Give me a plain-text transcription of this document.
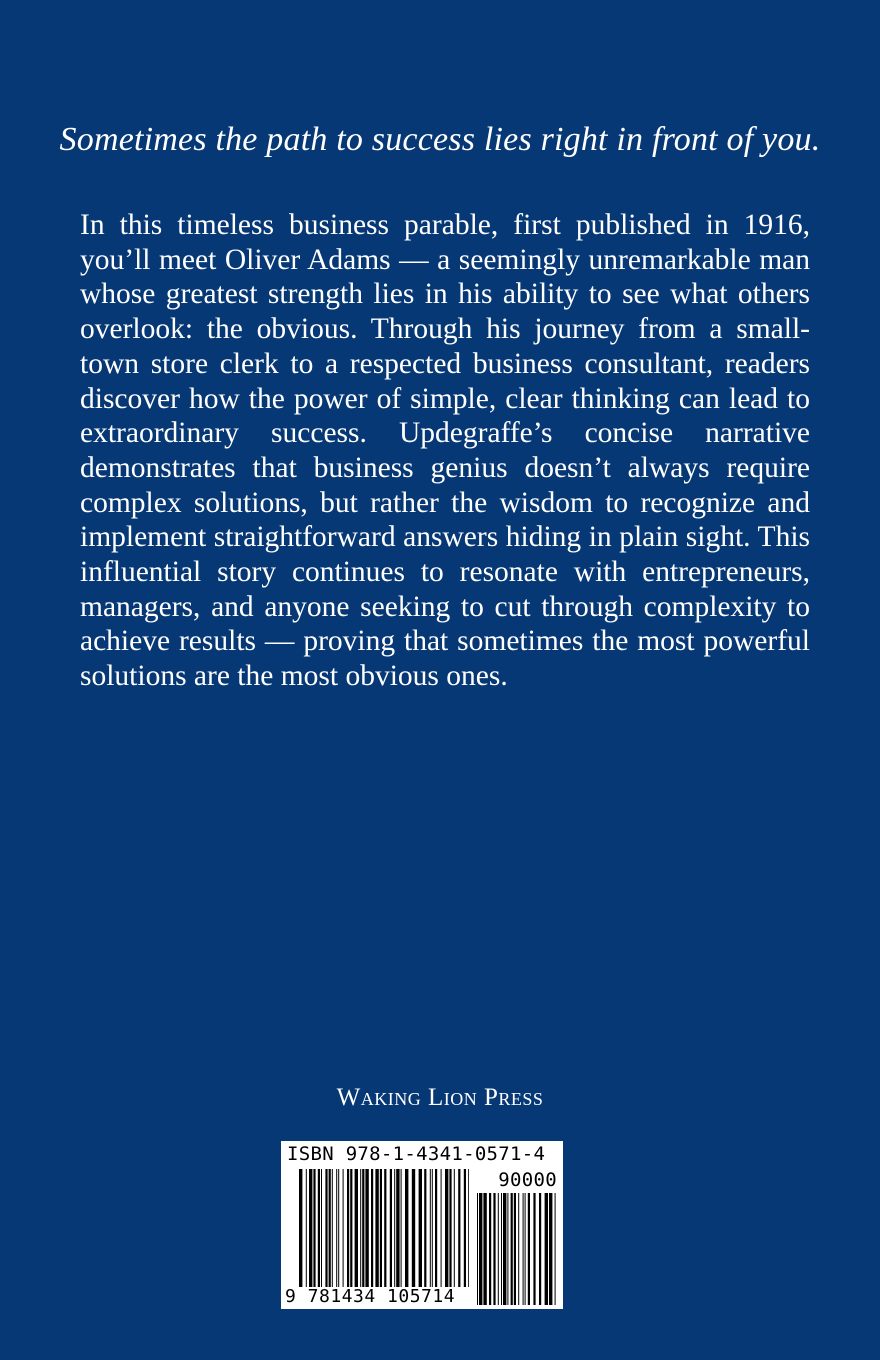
Sometimes the path to success lies right in front of you.

In this timeless business parable, first published in 1916, you’ll meet Oliver Adams — a seemingly unremarkable man whose greatest strength lies in his ability to see what others overlook: the obvious. Through his journey from a small-town store clerk to a respected business consultant, readers discover how the power of simple, clear thinking can lead to extraordinary success. Updegraffe’s concise narrative demonstrates that business genius doesn’t always require complex solutions, but rather the wisdom to recognize and implement straightforward answers hiding in plain sight. This influential story continues to resonate with entrepreneurs, managers, and anyone seeking to cut through complexity to achieve results — proving that sometimes the most powerful solutions are the most obvious ones.

Waking Lion Press
ISBN 978-1-4341-0571-4
90000
9 781434 105714
